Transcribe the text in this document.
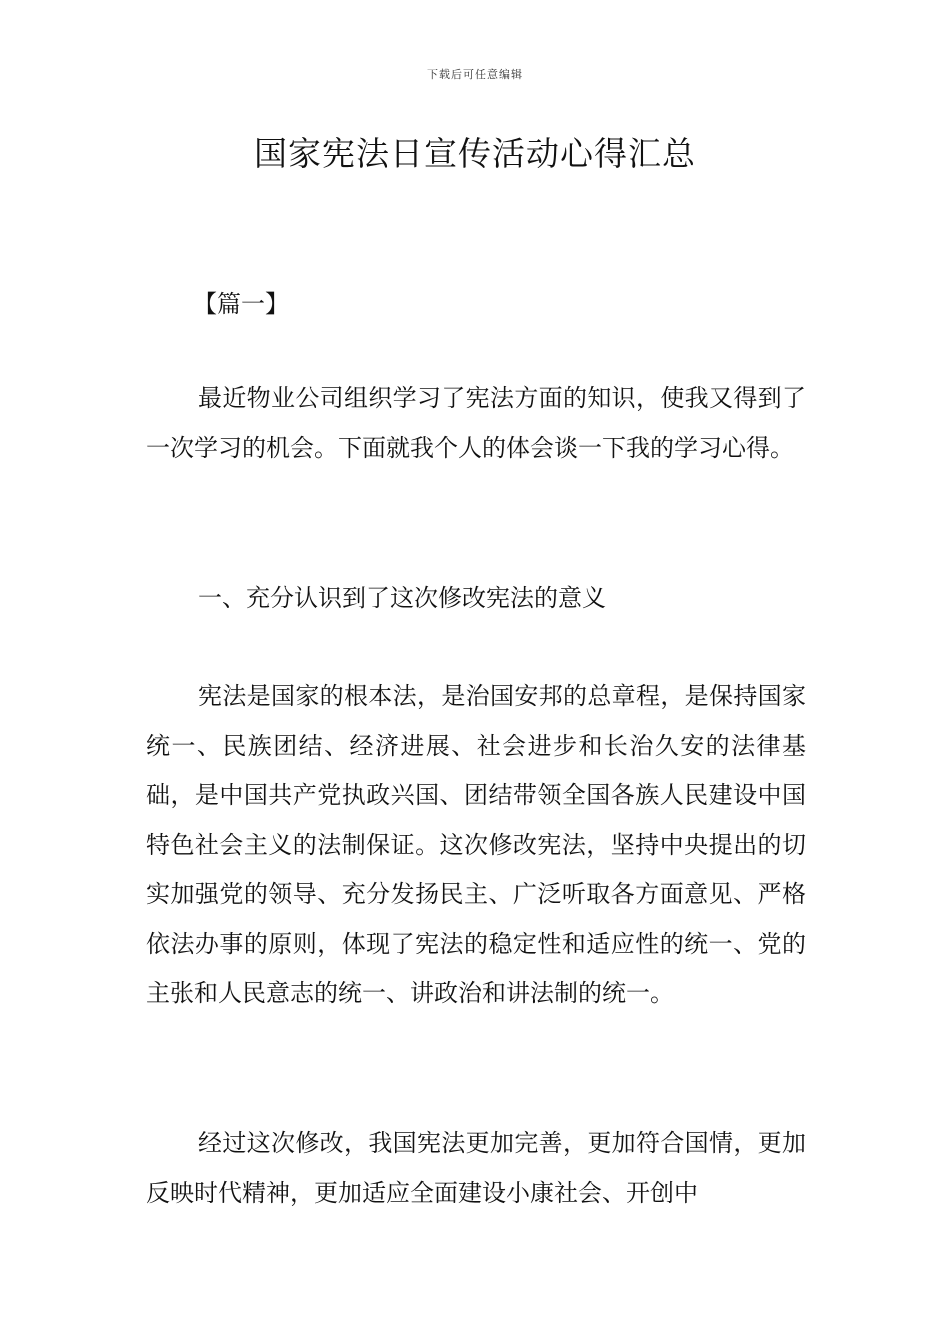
下载后可任意编辑
国家宪法日宣传活动心得汇总
【篇一】

最近物业公司组织学习了宪法方面的知识，使我又得到了一次学习的机会。下面就我个人的体会谈一下我的学习心得。

一、充分认识到了这次修改宪法的意义

宪法是国家的根本法，是治国安邦的总章程，是保持国家统一、民族团结、经济进展、社会进步和长治久安的法律基础，是中国共产党执政兴国、团结带领全国各族人民建设中国特色社会主义的法制保证。这次修改宪法，坚持中央提出的切实加强党的领导、充分发扬民主、广泛听取各方面意见、严格依法办事的原则，体现了宪法的稳定性和适应性的统一、党的主张和人民意志的统一、讲政治和讲法制的统一。

经过这次修改，我国宪法更加完善，更加符合国情，更加反映时代精神，更加适应全面建设小康社会、开创中
